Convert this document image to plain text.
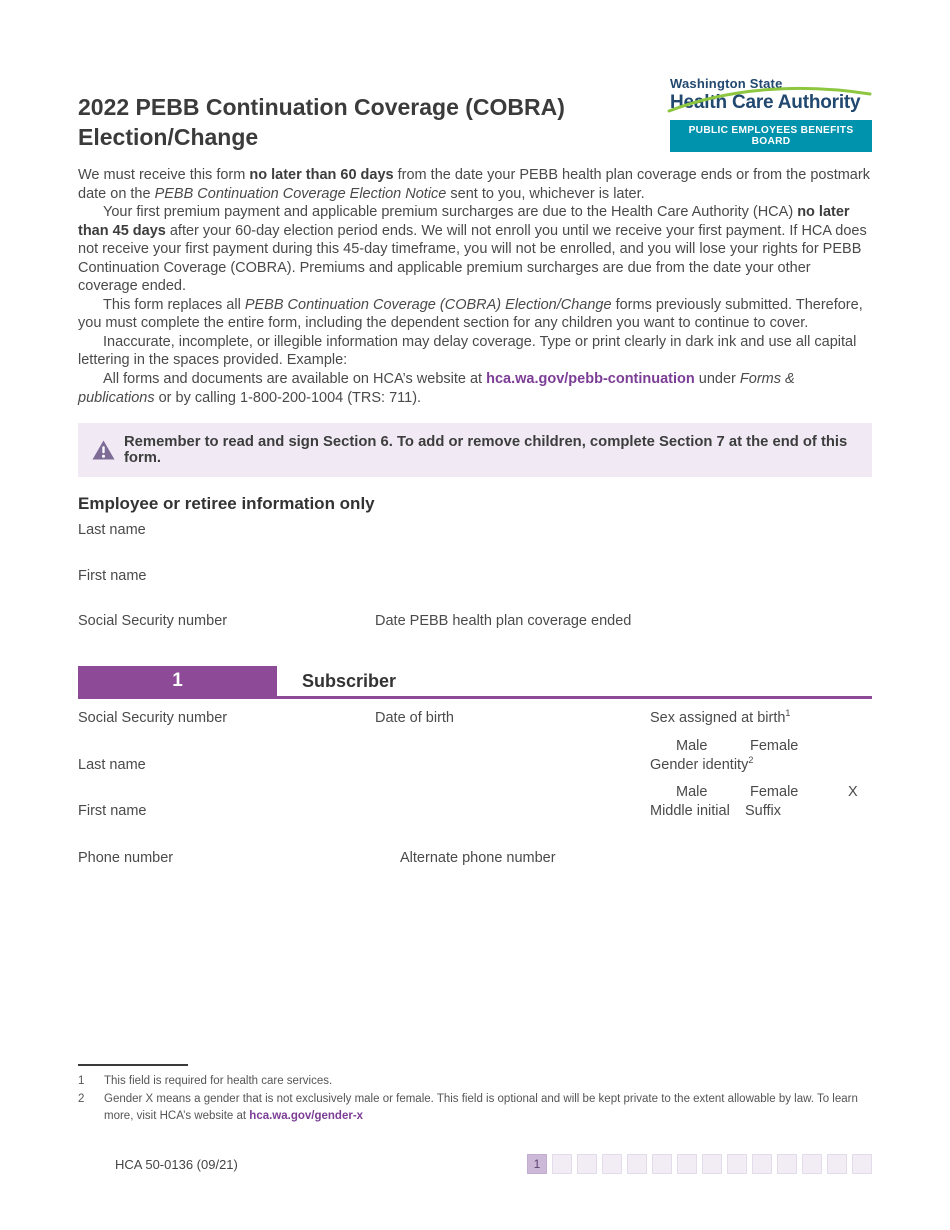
2022 PEBB Continuation Coverage (COBRA) Election/Change
Washington State
Health Care Authority
PUBLIC EMPLOYEES BENEFITS BOARD

We must receive this form no later than 60 days from the date your PEBB health plan coverage ends or from the postmark date on the PEBB Continuation Coverage Election Notice sent to you, whichever is later.

Your first premium payment and applicable premium surcharges are due to the Health Care Authority (HCA) no later than 45 days after your 60-day election period ends. We will not enroll you until we receive your first payment. If HCA does not receive your first payment during this 45-day timeframe, you will not be enrolled, and you will lose your rights for PEBB Continuation Coverage (COBRA). Premiums and applicable premium surcharges are due from the date your other coverage ended.

This form replaces all PEBB Continuation Coverage (COBRA) Election/Change forms previously submitted. Therefore, you must complete the entire form, including the dependent section for any children you want to continue to cover.

Inaccurate, incomplete, or illegible information may delay coverage. Type or print clearly in dark ink and use all capital lettering in the spaces provided. Example:

All forms and documents are available on HCA’s website at hca.wa.gov/pebb-continuation under Forms & publications or by calling 1-800-200-1004 (TRS: 711).

Remember to read and sign Section 6. To add or remove children, complete Section 7 at the end of this form.
Employee or retiree information only
Last name
First name
Social Security number	Date PEBB health plan coverage ended
1	Subscriber
Social Security number	Date of birth	Sex assigned at birth$^1$
Male	Female
Last name	Gender identity$^2$
Male	Female	X
First name	Middle initial Suffix
Phone number	Alternate phone number
1	This field is required for health care services.
2	Gender X means a gender that is not exclusively male or female. This field is optional and will be kept private to the extent allowable by law. To learn more, visit HCA’s website at hca.wa.gov/gender-x
HCA 50-0136 (09/21)	1
